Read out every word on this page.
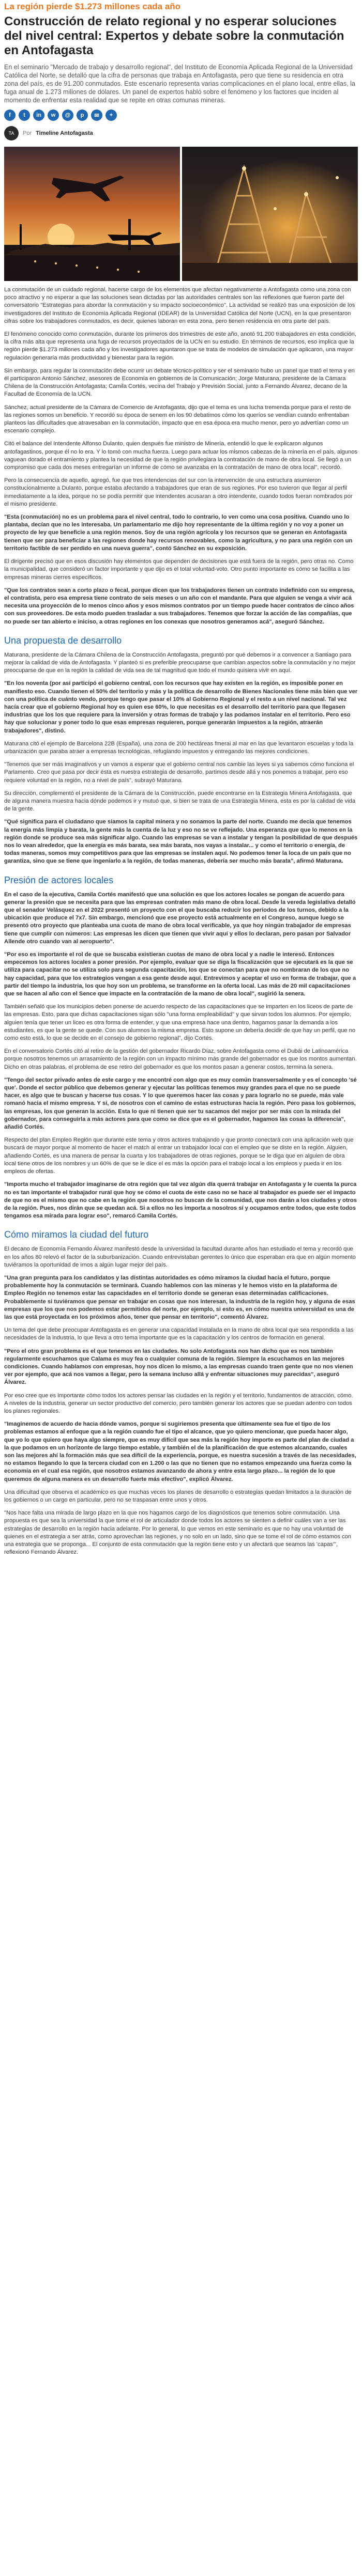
La región pierde $1.273 millones cada año
Construcción de relato regional y no esperar soluciones del nivel central: Expertos y debate sobre la conmutación en Antofagasta

En el seminario "Mercado de trabajo y desarrollo regional", del Instituto de Economía Aplicada Regional de la Universidad Católica del Norte, se detalló que la cifra de personas que trabaja en Antofagasta, pero que tiene su residencia en otra zona del país, es de 91.200 conmutados. Este escenario representa varias complicaciones en el plano local, entre ellas, la fuga anual de 1.273 millones de dólares. Un panel de expertos habló sobre el fenómeno y los factores que inciden al momento de enfrentar esta realidad que se repite en otras comunas mineras.

f	t	in	w	@	p	✉	+
TA	Por Timeline Antofagasta

La conmutación de un cuidado regional, hacerse cargo de los elementos que afectan negativamente a Antofagasta como una zona con poco atractivo y no esperar a que las soluciones sean dictadas por las autoridades centrales son las reflexiones que fueron parte del conversatorio "Estrategias para abordar la conmutación y su impacto socioeconómico". La actividad se realizó tras una exposición de los investigadores del Instituto de Economía Aplicada Regional (IDEAR) de la Universidad Católica del Norte (UCN), en la que presentaron cifras sobre los trabajadores conmutados, es decir, quienes laboran en esta zona, pero tienen residencia en otra parte del país.

El fenómeno conocido como conmutación, durante los primeros dos trimestres de este año, anotó 91.200 trabajadores en esta condición, la cifra más alta que representa una fuga de recursos proyectados de la UCN en su estudio. En términos de recursos, eso implica que la región pierde $1.273 millones cada año y los investigadores apuntaron que se trata de modelos de simulación que aplicaron, una mayor regulación generaría más productividad y bienestar para la región.

Sin embargo, para regular la conmutación debe ocurrir un debate técnico-político y ser el seminario hubo un panel que trató el tema y en él participaron Antonio Sánchez, asesores de Economía en gobiernos de la Comunicación; Jorge Maturana, presidente de la Cámara Chilena de la Construcción Antofagasta; Camila Cortés, vecina del Trabajo y Previsión Social, junto a Fernando Álvarez, decano de la Facultad de Economía de la UCN.

Sánchez, actual presidente de la Cámara de Comercio de Antofagasta, dijo que el tema es una lucha tremenda porque para el resto de las regiones somos un beneficio. Y recordó su época de senem en los 90 debatimos cómo los queríos se vendían cuando enfrentaban planteos las dificultades que atravesaban en la conmutación, impacto que en esa época era mucho menor, pero yo advertían como un escenario complejo.

Citó el balance del Intendente Alfonso Dulanto, quien después fue ministro de Minería, entendió lo que le explicaron algunos antofagastinos, porque él no lo era. Y lo tomó con mucha fuerza. Luego para actuar los mismos cabezas de la minería en el país, algunos vaguean dorado el entramiento y plantea la necesidad de que la región privilegiara la contratación de mano de obra local. Se llegó a un compromiso que cada dos meses entregarían un informe de cómo se avanzaba en la contratación de mano de obra local", recordó.

Pero la consecuencia de aquello, agregó, fue que tres intendencias del sur con la intervención de una estructura asumieron constitucionalmente a Dulanto, porque estaba afectando a trabajadores que eran de sus regiones. Por eso tuvieron que llegar al perfil inmediatamente a la idea, porque no se podía permitir que intendentes acusaran a otro intendente, cuando todos fueran nombrados por el mismo presidente.

"Esta (conmutación) no es un problema para el nivel central, todo lo contrario, lo ven como una cosa positiva. Cuando uno lo plantaba, decían que no les interesaba. Un parlamentario me dijo hoy representante de la última región y no voy a poner un proyecto de ley que beneficie a una región menos. Soy de una región agrícola y los recursos que se generan en Antofagasta tienen que ser para beneficiar a las regiones donde hay recursos renovables, como la agricultura, y no para una región con un territorio factible de ser perdido en una nueva guerra", contó Sánchez en su exposición.

El dirigente precisó que en esos discusión hay elementos que dependen de decisiones que está fuera de la región, pero otras no. Como la municipalidad, que consideró un factor importante y que dijo es el total voluntad-voto. Otro punto importante es cómo se facilita a las empresas mineras cierres específicos.

"Que los contratos sean a corto plazo o fecal, porque dicen que los trabajadores tienen un contrato indefinido con su empresa, el contratista, pero esa empresa tiene contrato de seis meses o un año con el mandante. Para que alguien se venga a vivir acá necesita una proyección de lo menos cinco años y esos mismos contratos por un tiempo puede hacer contratos de cinco años con sus proveedores. De esta modo pueden trasladar a sus trabajadores. Tenemos que forzar la acción de las compañías, que no puede ser tan abierto e iniciso, a otras regiones en los conexas que nosotros generamos acá", aseguró Sánchez.

Una propuesta de desarrollo

Maturana, presidente de la Cámara Chilena de la Construcción Antofagasta, preguntó por qué debemos ir a convencer a Santiago para mejorar la calidad de vida de Antofagasta. Y planteó si es preferible preocuparse que cambian aspectos sobre la conmutación y no mejor preocuparse de que en la región la calidad de vida sea de tal magnitud que todo el mundo quisiera vivir en aquí.

"En los noventa (por así participó el gobierno central, con los recursos que hay existen en la región, es imposible poner en manifiesto eso. Cuando tienen el 50% del territorio y más y la política de desarrollo de Bienes Nacionales tiene más bien que ver con una política de cuánto vendo, porque tengo que pasar el 10% al Gobierno Regional y el resto a un nivel nacional. Tal vez hacía crear que el gobierno Regional hoy es quien ese 60%, lo que necesitas es el desarrollo del territorio para que llegasen industrias que los los que requiere para la inversión y otras formas de trabajo y las podamos instalar en el territorio. Pero eso hay que solucionar y poner todo lo que esas empresas requieren, porque generarán impuestos a la región, atraerán trabajadores", distinó.

Maturana citó el ejemplo de Barcelona 22B (España), una zona de 200 hectáreas fmerai al mar en las que levantaron escuelas y toda la urbanización que paraba atraer a empresas tecnológicas, refugiando impuestos y entregando las mejores condiciones.

"Tenemos que ser más imaginativos y un vamos a esperar que el gobierno central nos cambie las leyes si ya sabemos cómo funciona el Parlamento. Creo que pasa por decir ésta es nuestra estrategia de desarrollo, partimos desde allá y nos ponemos a trabajar, pero eso requiere voluntad en la región, no a nivel de país", subrayó Maturana.

Su dirección, complementó el presidente de la Cámara de la Construcción, puede encontrarse en la Estrategia Minera Antofagasta, que de alguna manera muestra hacia dónde podemos ir y mutuó que, si bien se trata de una Estrategia Minera, esta es por la calidad de vida de la gente.

"Qué significa para el ciudadano que siamos la capital minera y no sonamos la parte del norte. Cuando me decía que tenemos la energía más limpia y barata, la gente más la cuenta de la luz y eso no se ve reflejado. Una esperanza que que lo menos en la región donde se produce sea más significar algo. Cuando las empresas se van a instalar y tengan la posibilidad de que después nos lo vean alrededor, que la energía es más barata, sea más barata, nos vayas a instalar... y como el territorio o energía, de todas maneras, somos muy competitivos para que las empresas se instalen aquí. No podemos tener la loca de un país que no garantiza, sino que se tiene que ingeniarlo a la región, de todas maneras, debería ser mucho más barata", afirmó Maturana.

Presión de actores locales

En el caso de la ejecutiva, Camila Cortés manifestó que una solución es que los actores locales se pongan de acuerdo para generar la presión que se necesita para que las empresas contraten más mano de obra local. Desde la vereda legislativa detalló que el senador Velásquez en el 2022 presentó un proyecto con el que buscaba reducir los períodos de los turnos, debido a la ubicación que produce el 7x7. Sin embargo, mencionó que ese proyecto está actualmente en el Congreso, aunque luego se presentó otro proyecto que planteaba una cuota de mano de obra local verificable, ya que hoy ningún trabajador de empresas tiene que cumplir con números: Las empresas les dicen que tienen que vivir aquí y ellos lo declaran, pero pasan por Salvador Allende otro cuando van al aeropuerto".

"Por eso es importante el rol de que se buscaba existieran cuotas de mano de obra local y a nadie le interesó. Entonces empecemos los actores locales a poner presión. Por ejemplo, evaluar que se diga la fiscalización que se ejecutará es la que se utiliza para capacitar no se utiliza solo para segunda capacitación, los que se conectan para que no nombraran de los que no hay capacidad, para que los estrategios vengan a esa gente desde aquí. Entrevimos y aceptar el uso en forma de trabajar, que a partir del tiempo la industria, los que hoy son un problema, se transforme en la oferta local. Las más de 20 mil capacitaciones que se hacen al año con el Sence que impacte en la contratación de la mano de obra local", sugirió la senera.

También señaló que los municipios deben ponerse de acuerdo respecto de las capacitaciones que se imparten en los liceos de parte de las empresas. Esto, para que dichas capacitaciones sigan sólo "una forma empleabilidad" y que sirvan todos los alumnos. Por ejemplo, alguien tenía que tener un liceo es otra forma de entender, y que una empresa hace una dentro, hagamos pasar la demanda a los estudiantes, es que la gente se quede. Con sus alumnos la misma empresa. Esto supone un debería decidir de que hay un perfil, que no como esto está, lo que se decide en el consejo de gobierno regional", dijo Cortés.

En el conversatorio Cortés citó al retiro de la gestión del gobernador Ricardo Díaz, sobre Antofagasta como el Dubái de Latinoamérica porque nosotros tenemos un arrasamiento de la región con un impacto mínimo más grande del gobernador es que los montos aumentan. Dicho en otras palabras, el problema de ese retiro del gobernador es que los montos pasan a generar costos, termina la senera.

"Tengo del sector privado antes de este cargo y me encontré con algo que es muy común transversalmente y es el concepto 'sé que'. Donde el sector público que debemos generar y ejecutar las políticas tenemos muy grandes para el que no se puede hacer, es algo que te buscan y hacerse tus cosas. Y lo que queremos hacer las cosas y para lograrlo no se puede, más vale romanó hacia el mismo empresa. Y sí, de nosotros con el camino de estas estructuras hacia la región. Pero pasa los gobiernos, las empresas, los que generan la acción. Esta lo que ni tienen que ser tu sacamos del mejor por ser más con la mirada del gobernador, para conseguirla a más actores para que como se dice que es el gobernador, hagamos las cosas la diferencia", añadió Cortés.

Respecto del plan Empleo Región que durante este tema y otros actores trabajando y que pronto conectará con una aplicación web que buscará de mayor porque al momento de hacer el match al entrar un trabajador local con el empleo que se diste en la región. Alguien, añadiendo Cortés, es una manera de pensar la cuarta y los trabajadores de otras regiones, porque se le diga que en alguien de obra local tiene otros de los nombres y un 60% de que se le dice el es más la opción para el trabajo local a los empleos y pueda ir en los empleos de ofertas.

"Importa mucho el trabajador imaginarse de otra región que tal vez algún día querrá trabajar en Antofagasta y le cuenta la purca no es tan importante el trabajador rural que hoy se cómo el cuota de este caso no se hace al trabajador es puede ser el impacto de que no es el mismo que no cabe en la región que nosotros no buscan de la comunidad, que nos darán a los ciudades y otros de la región. Pues, nos dirán que se quedan acá. Si a ellos no les importa a nosotros sí y ocupamos entre todos, que este todos tengamos esa mirada para lograr eso", remarcó Camila Cortés.

Cómo miramos la ciudad del futuro

El decano de Economía Fernando Álvarez manifestó desde la universidad la facultad durante años han estudiado el tema y recordó que en los años 80 relevó el factor de la suburbanización. Cuando entrevistaban gerentes lo único que esperaban era que en algún momento tuviéramos la oportunidad de irnos a algún lugar mejor del país.

"Una gran pregunta para los candidatos y las distintas autoridades es cómo miramos la ciudad hacia el futuro, porque probablemente hoy la conmutación se terminará. Cuando hablemos con las mineras y le hemos visto en la plataforma de Empleo Región no tenemos estar las capacidades en el territorio donde se generan esas determinadas calificaciones. Probablemente si tuviéramos que pensar en trabajar en cosas que nos interesan, la industria de la región hoy, y alguna de esas empresas que los que nos podemos estar permitidos del norte, por ejemplo, si esto es, en cómo nuestra universidad es una de las que está proyectada en los próximos años, tener que pensar en territorio", comentó Álvarez.

Un tema del que debe preocupar Antofagasta es en generar una capacidad instalada en la mano de obra local que sea respondida a las necesidades de la industria, lo que lleva a otro tema importante que es la capacitación y los centros de formación en general.

"Pero el otro gran problema es el que tenemos en las ciudades. No solo Antofagasta nos han dicho que es nos también regularmente escuchamos que Calama es muy fea o cualquier comuna de la región. Siempre la escuchamos en las mejores condiciones. Cuando hablamos con empresas, hoy nos dicen lo mismo, a las empresas cuando traen gente que no nos vienen ver por ejemplo, que acá nos vamos a llegar, pero la semana incluso allá y enfrentar situaciones muy parecidas", aseguró Álvarez.

Por eso cree que es importante cómo todos los actores pensar las ciudades en la región y el territorio, fundamentos de atracción, cómo. A niveles de la industria, generar un sector productivo del comercio, pero también generar los actores que se puedan adentro con todos los planes regionales.

"Imaginemos de acuerdo de hacia dónde vamos, porque si sugiriemos presenta que últimamente sea fue el tipo de los problemas estamos al enfoque que a la región cuando fue el tipo el alcance, que yo quiero mencionar, que pueda hacer algo, que yo lo que quiero que haya algo siempre, que es muy difícil que sea más la región hoy importe es parte del plan de ciudad a la que podamos en un horizonte de largo tiempo estable, y también el de la planificación de que estemos alcanzando, cuales son las mejores ahí la formación más que sea difícil de la experiencia, porque, es nuestra sucesión a través de las necesidades, no estamos llegando lo que la tercera ciudad con en 1.200 o las que no tienen que no estamos empezando una fuerza como la economía en el cual esa región, que nosotros estamos avanzando de ahora y entre esta largo plazo... la región de lo que queremos de alguna manera es un desarrollo fuerte más efectivo", explicó Álvarez.

Una dificultad que observa el académico es que muchas veces los planes de desarrollo o estrategias quedan limitados a la duración de los gobiernos o un cargo en particular, pero no se traspasan entre unos y otros.

"Nos hace falta una mirada de largo plazo en la que nos hagamos cargo de los diagnósticos que tenemos sobre conmutación. Una propuesta es que sea la universidad la que tome el rol de articulador donde todos los actores se sienten a definir cuáles van a ser las estrategias de desarrollo en la región hacia adelante. Por lo general, lo que vemos en este seminario es que no hay una voluntad de quienes en el estrategia a ser atrás, como aprovechan las regiones, y no solo en un lado, sino que se tome el rol de cómo estamos con una estrategia que se proponga... El conjunto de esta conmutación que la región tiene esto y un afectará que seamos las 'capas'", reflexionó Fernando Álvarez.
